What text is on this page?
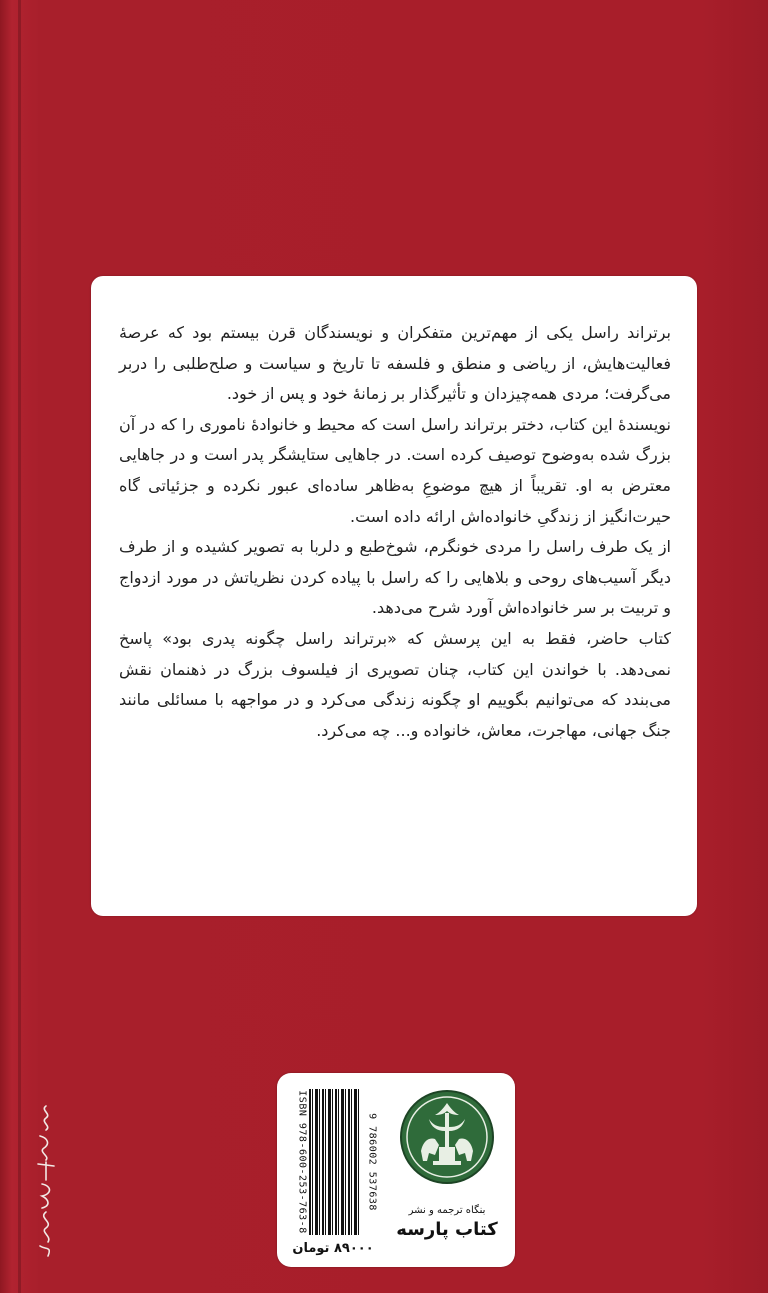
برتراند راسل یکی از مهم‌ترین متفکران و نویسندگان قرن بیستم بود که عرصهٔ فعالیت‌هایش، از ریاضی و منطق و فلسفه تا تاریخ و سیاست و صلح‌طلبی را دربر می‌گرفت؛ مردی همه‌چیزدان و تأثیرگذار بر زمانهٔ خود و پس از خود.

نویسندهٔ این کتاب، دختر برتراند راسل است که محیط و خانوادهٔ ناموری را که در آن بزرگ شده به‌وضوح توصیف کرده است. در جاهایی ستایشگر پدر است و در جاهایی معترض به او. تقریباً از هیچ موضوعِ به‌ظاهر ساده‌ای عبور نکرده و جزئیاتی گاه حیرت‌انگیز از زندگیِ خانواده‌اش ارائه داده است.

از یک طرف راسل را مردی خونگرم، شوخ‌طبع و دلربا به تصویر کشیده و از طرف دیگر آسیب‌های روحی و بلاهایی را که راسل با پیاده کردن نظریاتش در مورد ازدواج و تربیت بر سر خانواده‌اش آورد شرح می‌دهد.

کتاب حاضر، فقط به این پرسش که «برتراند راسل چگونه پدری بود» پاسخ نمی‌دهد. با خواندن این کتاب، چنان تصویری از فیلسوف بزرگ در ذهنمان نقش می‌بندد که می‌توانیم بگوییم او چگونه زندگی می‌کرد و در مواجهه با مسائلی مانند جنگ جهانی، مهاجرت، معاش، خانواده و... چه می‌کرد.

ISBN 978-600-253-763-8	9 786002 537638
۸۹۰۰۰ تومان
بنگاه ترجمه و نشر
کتاب پارسه
